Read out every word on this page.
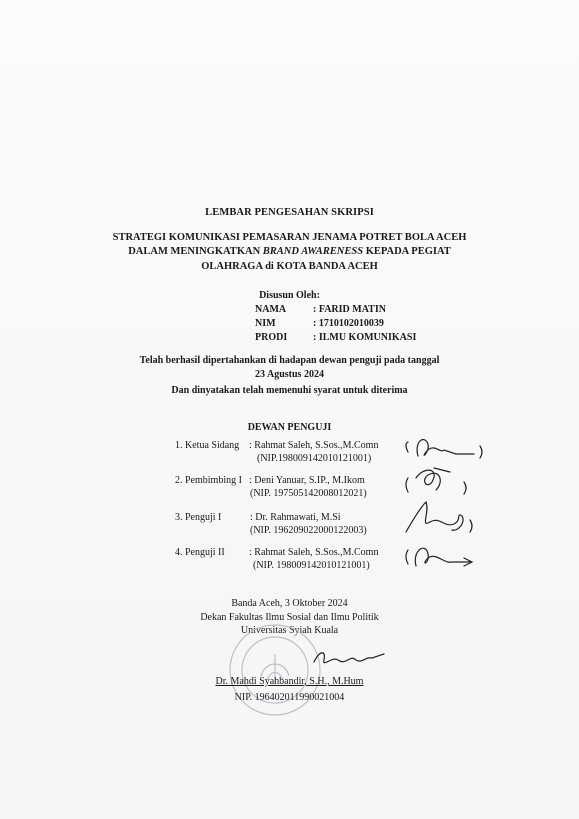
LEMBAR PENGESAHAN SKRIPSI
STRATEGI KOMUNIKASI PEMASARAN JENAMA POTRET BOLA ACEH
DALAM MENINGKATKAN BRAND AWARENESS KEPADA PEGIAT
OLAHRAGA di KOTA BANDA ACEH
Disusun Oleh:
NAMA	: FARID MATIN
NIM	: 1710102010039
PRODI	: ILMU KOMUNIKASI
Telah berhasil dipertahankan di hadapan dewan penguji pada tanggal
23 Agustus 2024
Dan dinyatakan telah memenuhi syarat untuk diterima
DEWAN PENGUJI
1. Ketua Sidang : Rahmat Saleh, S.Sos.,M.Comn
(NIP.198009142010121001)
2. Pembimbing I : Deni Yanuar, S.IP., M.Ikom
(NIP. 197505142008012021)
3. Penguji I	: Dr. Rahmawati, M.Si
(NIP. 196209022000122003)
4. Penguji II : Rahmat Saleh, S.Sos.,M.Comn
(NIP. 198009142010121001)
Banda Aceh, 3 Oktober 2024
Dekan Fakultas Ilmu Sosial dan Ilmu Politik
Universitas Syiah Kuala
Dr. Mahdi Syahbandir, S.H., M.Hum
NIP. 196402011990021004
